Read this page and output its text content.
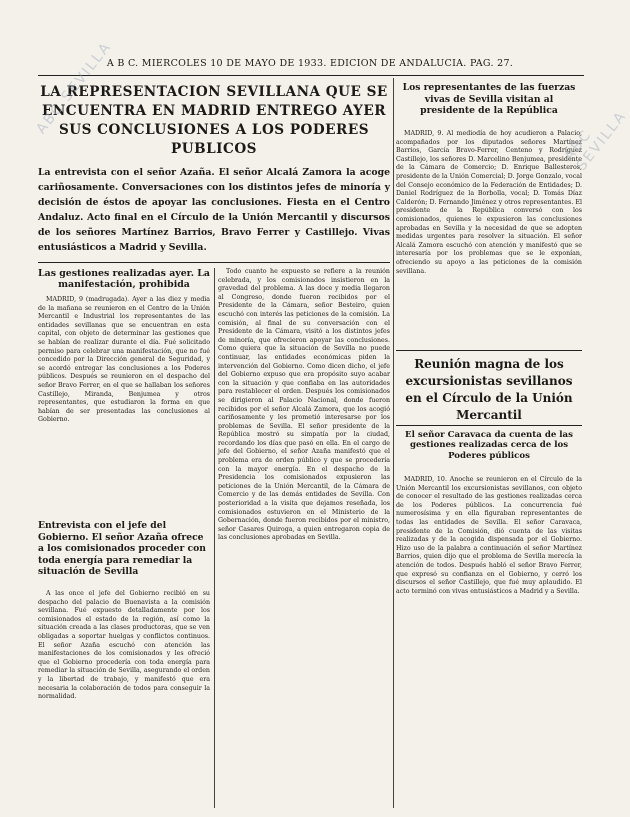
A B C. MIERCOLES 10 DE MAYO DE 1933. EDICION DE ANDALUCIA. PAG. 27.
LA REPRESENTACION SEVILLANA QUE SE ENCUENTRA EN MADRID ENTREGO AYER SUS CONCLUSIONES A LOS PODERES PUBLICOS
La entrevista con el señor Azaña. El señor Alcalá Zamora la acoge cariñosamente. Conversaciones con los distintos jefes de minoría y decisión de éstos de apoyar las conclusiones. Fiesta en el Centro Andaluz. Acto final en el Círculo de la Unión Mercantil y discursos de los señores Martínez Barrios, Bravo Ferrer y Castillejo. Vivas entusiásticos a Madrid y Sevilla.
Las gestiones realizadas ayer. La manifestación, prohibida

MADRID, 9 (madrugada). Ayer a las diez y media de la mañana se reunieron en el Centro de la Unión Mercantil e Industrial los representantes de las entidades sevillanas que se encuentran en esta capital, con objeto de determinar las gestiones que se habían de realizar durante el día. Fué solicitado permiso para celebrar una manifestación, que no fué concedido por la Dirección general de Seguridad, y se acordó entregar las conclusiones a los Poderes públicos. Después se reunieron en el despacho del señor Bravo Ferrer, en el que se hallaban los señores Castillejo, Miranda, Benjumea y otros representantes, que estudiaron la forma en que habían de ser presentadas las conclusiones al Gobierno.

Entrevista con el jefe del Gobierno. El señor Azaña ofrece a los comisionados proceder con toda energía para remediar la situación de Sevilla

A las once el jefe del Gobierno recibió en su despacho del palacio de Buenavista a la comisión sevillana. Fué expuesto detalladamente por los comisionados el estado de la región, así como la situación creada a las clases productoras, que se ven obligadas a soportar huelgas y conflictos continuos. El señor Azaña escuchó con atención las manifestaciones de los comisionados y les ofreció que el Gobierno procedería con toda energía para remediar la situación de Sevilla, asegurando el orden y la libertad de trabajo, y manifestó que era necesaria la colaboración de todos para conseguir la normalidad.

Todo cuanto he expuesto se refiere a la reunión celebrada, y los comisionados insistieron en la gravedad del problema. A las doce y media llegaron al Congreso, donde fueron recibidos por el Presidente de la Cámara, señor Besteiro, quien escuchó con interés las peticiones de la comisión. La comisión, al final de su conversación con el Presidente de la Cámara, visitó a los distintos jefes de minoría, que ofrecieron apoyar las conclusiones. Como quiera que la situación de Sevilla no puede continuar, las entidades económicas piden la intervención del Gobierno. Como dicen dicho, el jefe del Gobierno expuso que era propósito suyo acabar con la situación y que confiaba en las autoridades para restablecer el orden. Después los comisionados se dirigieron al Palacio Nacional, donde fueron recibidos por el señor Alcalá Zamora, que los acogió cariñosamente y les prometió interesarse por los problemas de Sevilla. El señor presidente de la República mostró su simpatía por la ciudad, recordando los días que pasó en ella. En el cargo de jefe del Gobierno, el señor Azaña manifestó que el problema era de orden público y que se procedería con la mayor energía. En el despacho de la Presidencia los comisionados expusieron las peticiones de la Unión Mercantil, de la Cámara de Comercio y de las demás entidades de Sevilla. Con posterioridad a la visita que dejamos reseñada, los comisionados estuvieron en el Ministerio de la Gobernación, donde fueron recibidos por el ministro, señor Casares Quiroga, a quien entregaron copia de las conclusiones aprobadas en Sevilla.

Los representantes de las fuerzas vivas de Sevilla visitan al presidente de la República

MADRID, 9. Al mediodía de hoy acudieron a Palacio, acompañados por los diputados señores Martínez Barrios, García Bravo-Ferrer, Centeno y Rodríguez Castillejo, los señores D. Marcelino Benjumea, presidente de la Cámara de Comercio; D. Enrique Ballesteros, presidente de la Unión Comercial; D. Jorge Gonzalo, vocal del Consejo económico de la Federación de Entidades; D. Daniel Rodríguez de la Borbolla, vocal; D. Tomás Díaz Calderón; D. Fernando Jiménez y otros representantes. El presidente de la República conversó con los comisionados, quienes le expusieron las conclusiones aprobadas en Sevilla y la necesidad de que se adopten medidas urgentes para resolver la situación. El señor Alcalá Zamora escuchó con atención y manifestó que se interesaría por los problemas que se le exponían, ofreciendo su apoyo a las peticiones de la comisión sevillana.

Reunión magna de los excursionistas sevillanos en el Círculo de la Unión Mercantil
El señor Caravaca da cuenta de las gestiones realizadas cerca de los Poderes públicos

MADRID, 10. Anoche se reunieron en el Círculo de la Unión Mercantil los excursionistas sevillanos, con objeto de conocer el resultado de las gestiones realizadas cerca de los Poderes públicos. La concurrencia fué numerosísima y en ella figuraban representantes de todas las entidades de Sevilla. El señor Caravaca, presidente de la Comisión, dió cuenta de las visitas realizadas y de la acogida dispensada por el Gobierno. Hizo uso de la palabra a continuación el señor Martínez Barrios, quien dijo que el problema de Sevilla merecía la atención de todos. Después habló el señor Bravo Ferrer, que expresó su confianza en el Gobierno, y cerró los discursos el señor Castillejo, que fué muy aplaudido. El acto terminó con vivas entusiásticos a Madrid y a Sevilla.

ABC SEVILLA
ABC SEVILLA
